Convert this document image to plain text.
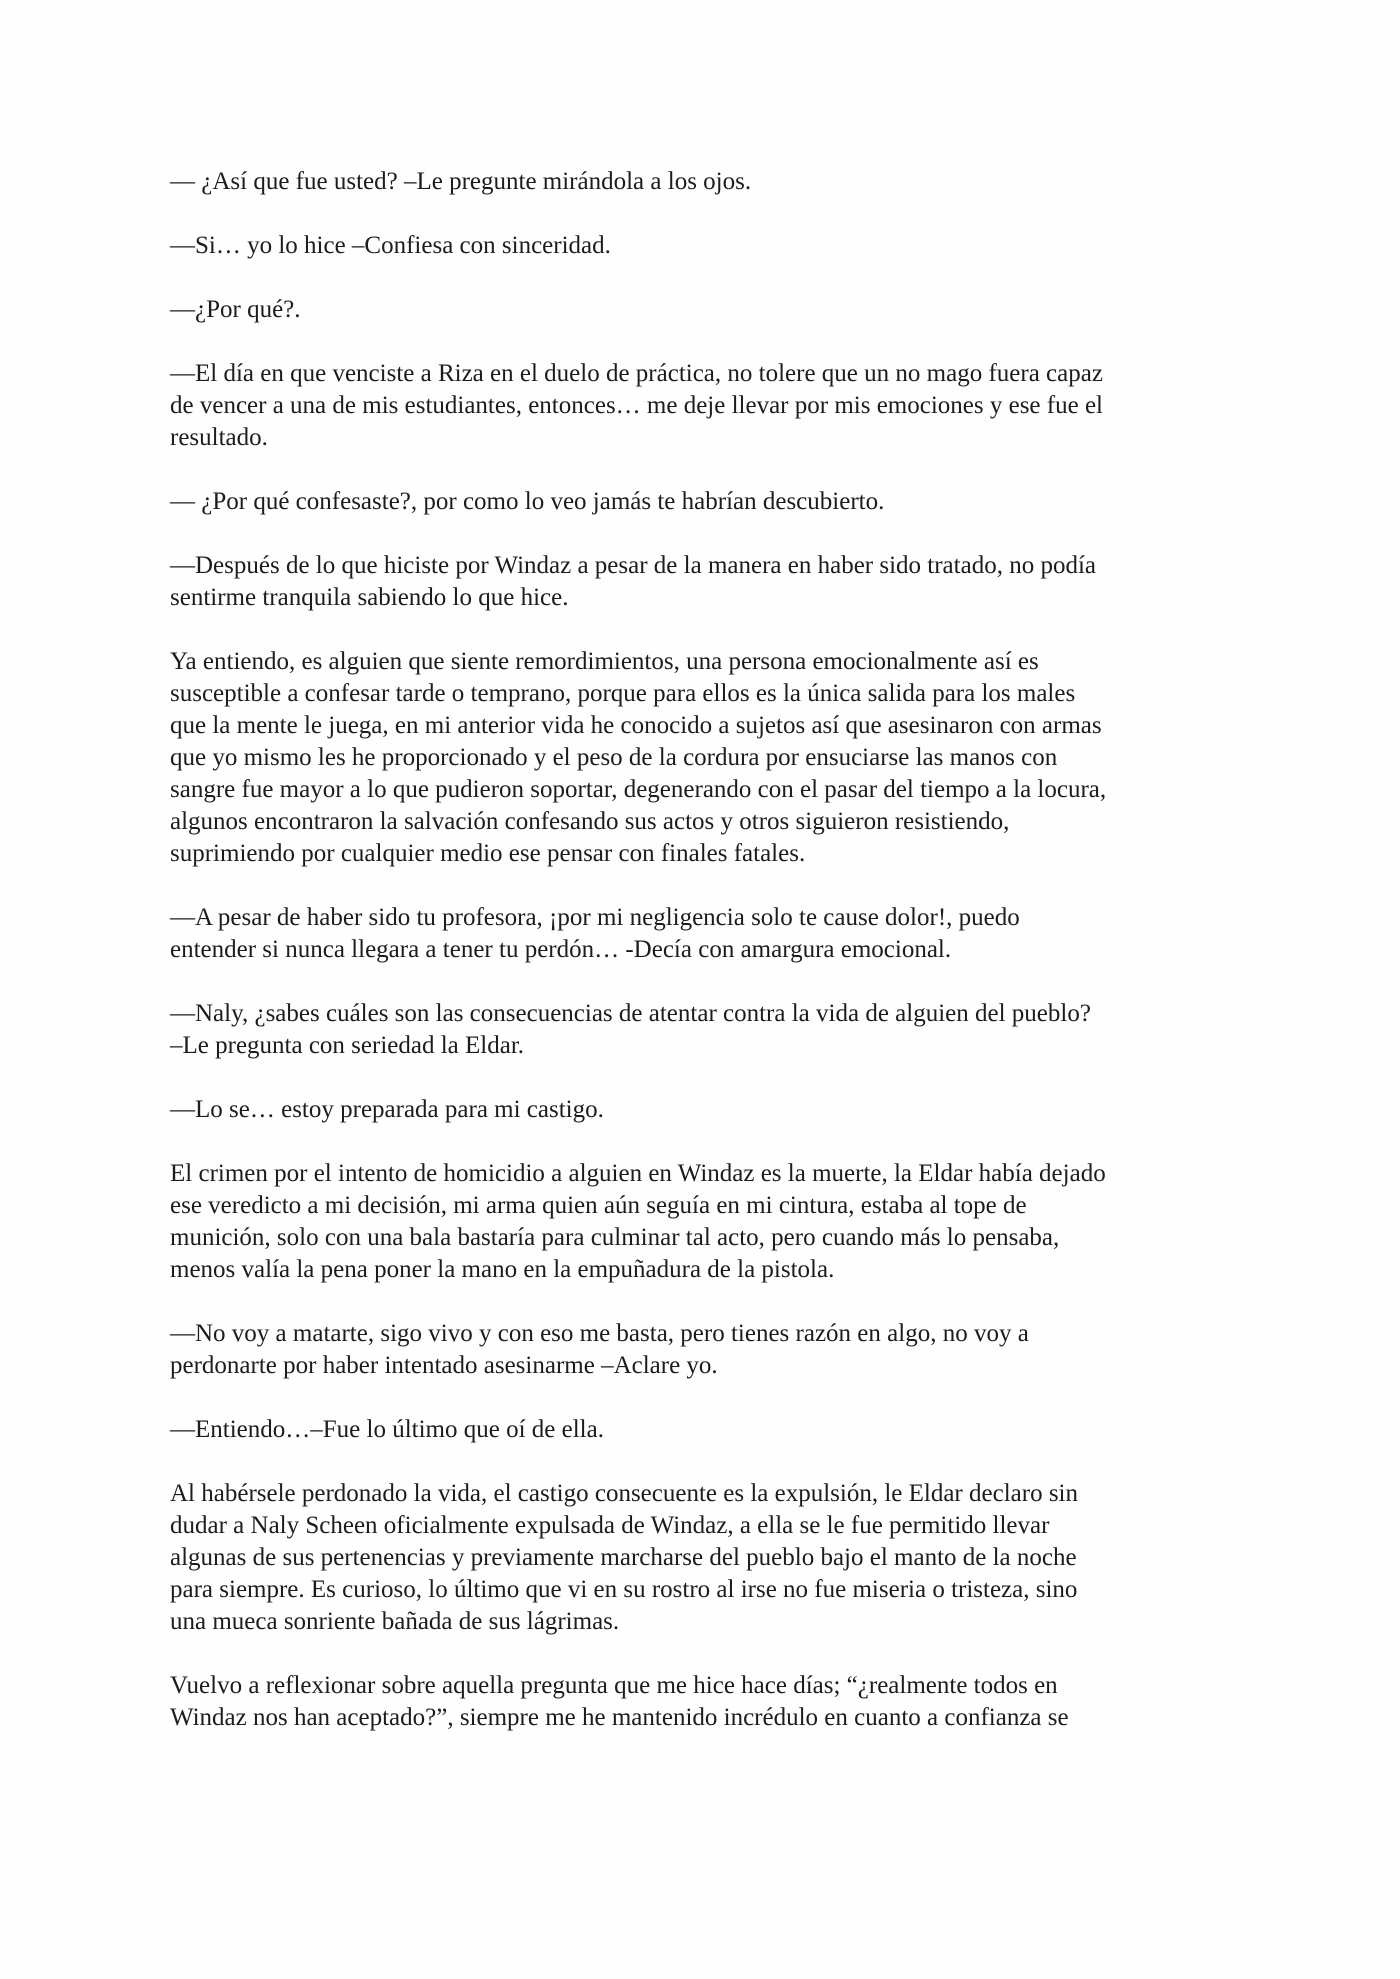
— ¿Así que fue usted? –Le pregunte mirándola a los ojos.

—Si… yo lo hice –Confiesa con sinceridad.

—¿Por qué?.

—El día en que venciste a Riza en el duelo de práctica, no tolere que un no mago fuera capaz
de vencer a una de mis estudiantes, entonces… me deje llevar por mis emociones y ese fue el
resultado.

— ¿Por qué confesaste?, por como lo veo jamás te habrían descubierto.

—Después de lo que hiciste por Windaz a pesar de la manera en haber sido tratado, no podía
sentirme tranquila sabiendo lo que hice.

Ya entiendo, es alguien que siente remordimientos, una persona emocionalmente así es
susceptible a confesar tarde o temprano, porque para ellos es la única salida para los males
que la mente le juega, en mi anterior vida he conocido a sujetos así que asesinaron con armas
que yo mismo les he proporcionado y el peso de la cordura por ensuciarse las manos con
sangre fue mayor a lo que pudieron soportar, degenerando con el pasar del tiempo a la locura,
algunos encontraron la salvación confesando sus actos y otros siguieron resistiendo,
suprimiendo por cualquier medio ese pensar con finales fatales.

—A pesar de haber sido tu profesora, ¡por mi negligencia solo te cause dolor!, puedo
entender si nunca llegara a tener tu perdón… -Decía con amargura emocional.

—Naly, ¿sabes cuáles son las consecuencias de atentar contra la vida de alguien del pueblo?
–Le pregunta con seriedad la Eldar.

—Lo se… estoy preparada para mi castigo.

El crimen por el intento de homicidio a alguien en Windaz es la muerte, la Eldar había dejado
ese veredicto a mi decisión, mi arma quien aún seguía en mi cintura, estaba al tope de
munición, solo con una bala bastaría para culminar tal acto, pero cuando más lo pensaba,
menos valía la pena poner la mano en la empuñadura de la pistola.

—No voy a matarte, sigo vivo y con eso me basta, pero tienes razón en algo, no voy a
perdonarte por haber intentado asesinarme –Aclare yo.

—Entiendo…–Fue lo último que oí de ella.

Al habérsele perdonado la vida, el castigo consecuente es la expulsión, le Eldar declaro sin
dudar a Naly Scheen oficialmente expulsada de Windaz, a ella se le fue permitido llevar
algunas de sus pertenencias y previamente marcharse del pueblo bajo el manto de la noche
para siempre. Es curioso, lo último que vi en su rostro al irse no fue miseria o tristeza, sino
una mueca sonriente bañada de sus lágrimas.

Vuelvo a reflexionar sobre aquella pregunta que me hice hace días; “¿realmente todos en
Windaz nos han aceptado?”, siempre me he mantenido incrédulo en cuanto a confianza se
